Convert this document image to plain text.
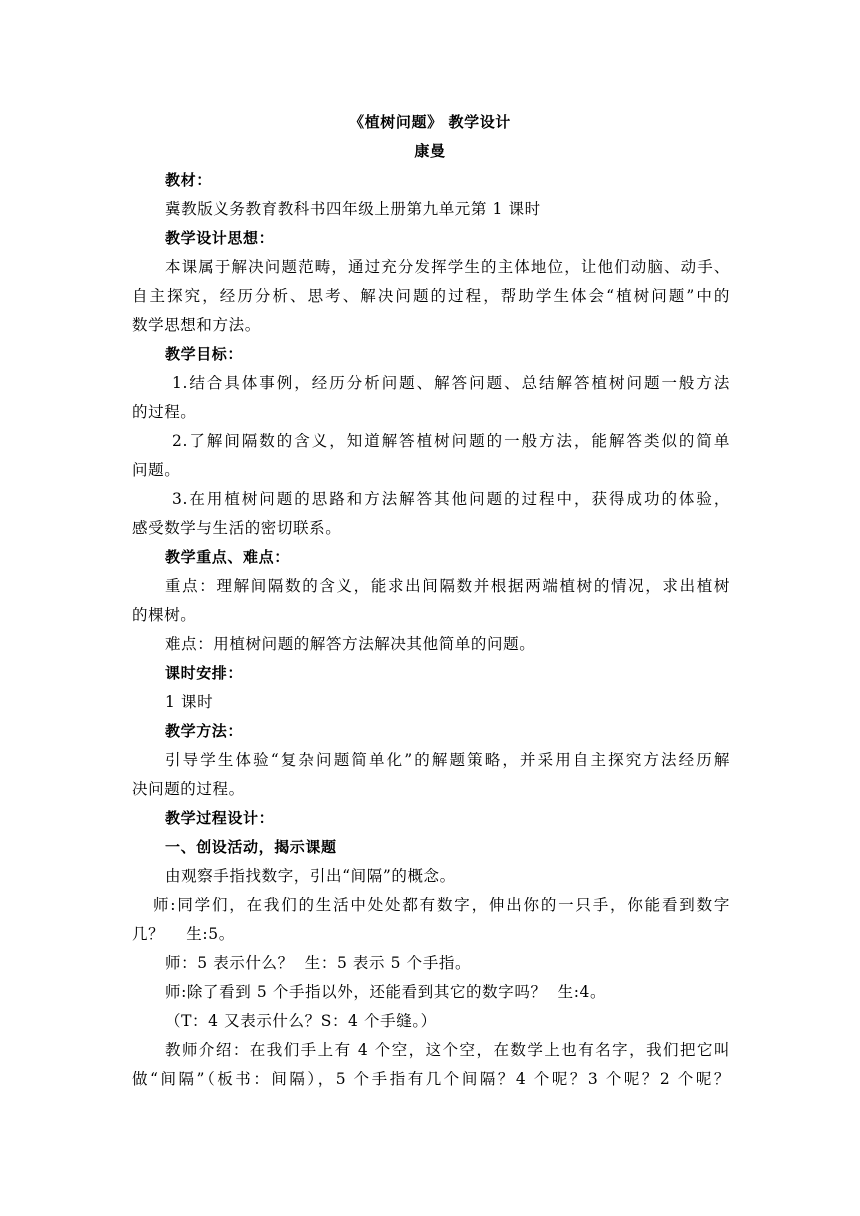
《植树问题》 教学设计
康曼
教材：
冀教版义务教育教科书四年级上册第九单元第 1 课时
教学设计思想：
本课属于解决问题范畴，通过充分发挥学生的主体地位，让他们动脑、动手、
自主探究，经历分析、思考、解决问题的过程，帮助学生体会“植树问题”中的
数学思想和方法。
教学目标：
1.结合具体事例，经历分析问题、解答问题、总结解答植树问题一般方法
的过程。
2.了解间隔数的含义，知道解答植树问题的一般方法，能解答类似的简单
问题。
3.在用植树问题的思路和方法解答其他问题的过程中，获得成功的体验，
感受数学与生活的密切联系。
教学重点、难点：
重点：理解间隔数的含义，能求出间隔数并根据两端植树的情况，求出植树
的棵树。
难点：用植树问题的解答方法解决其他简单的问题。
课时安排：
1 课时
教学方法：
引导学生体验“复杂问题简单化”的解题策略，并采用自主探究方法经历解
决问题的过程。
教学过程设计：
一、创设活动，揭示课题
由观察手指找数字，引出“间隔”的概念。
师:同学们，在我们的生活中处处都有数字，伸出你的一只手，你能看到数字
几？    生:5。
师：5 表示什么？  生：5 表示 5 个手指。
师:除了看到 5 个手指以外，还能看到其它的数字吗？  生:4。
（T：4 又表示什么？S：4 个手缝。）
教师介绍：在我们手上有 4 个空，这个空，在数学上也有名字，我们把它叫
做“间隔”（板书：间隔），5 个手指有几个间隔？4 个呢？3 个呢？2 个呢？
